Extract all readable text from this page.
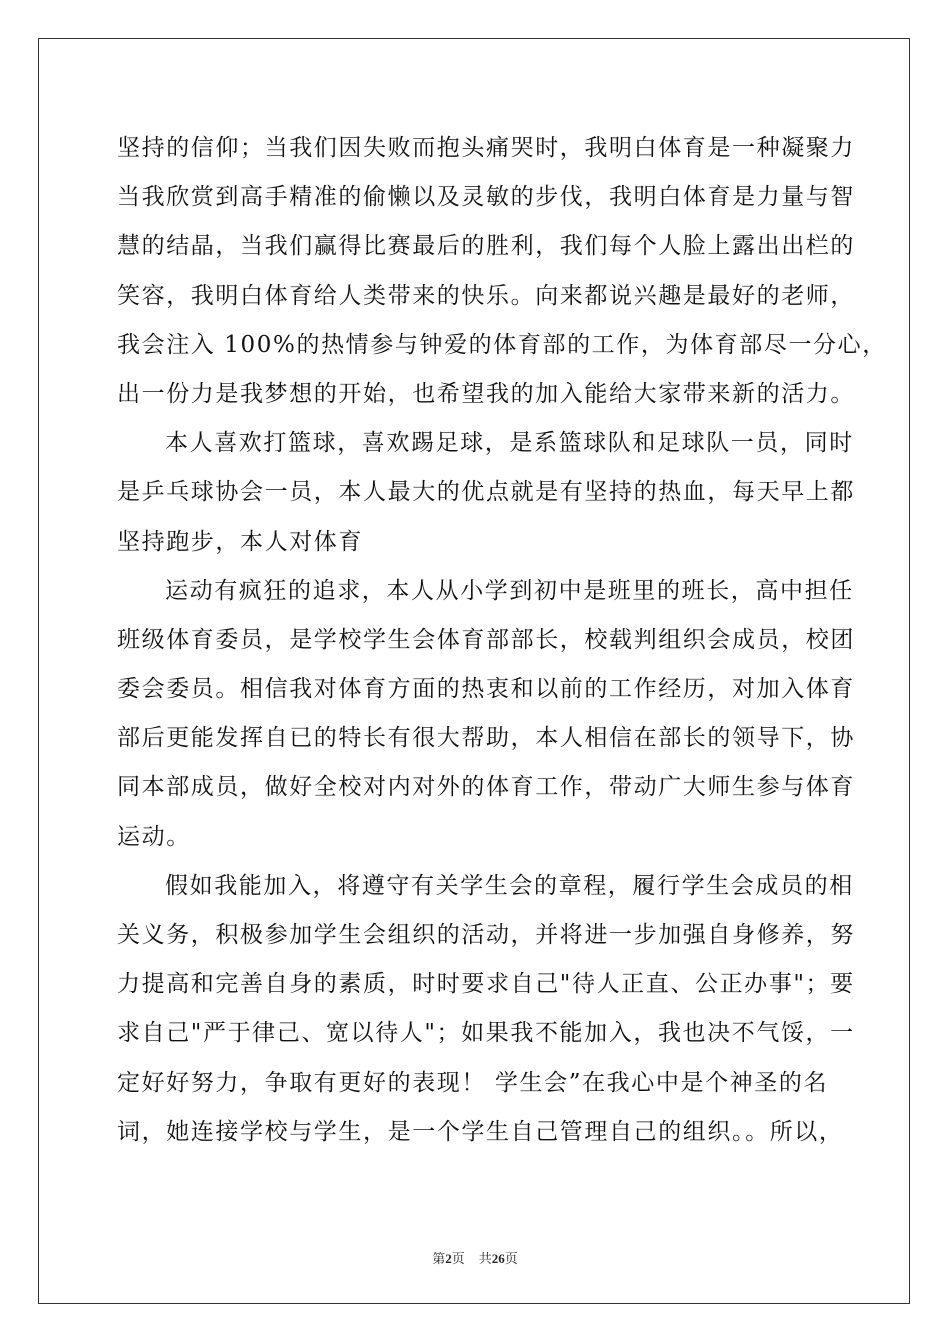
坚持的信仰；当我们因失败而抱头痛哭时，我明白体育是一种凝聚力
当我欣赏到高手精准的偷懒以及灵敏的步伐，我明白体育是力量与智
慧的结晶，当我们赢得比赛最后的胜利，我们每个人脸上露出出栏的
笑容，我明白体育给人类带来的快乐。向来都说兴趣是最好的老师，
我会注入 100%的热情参与钟爱的体育部的工作，为体育部尽一分心，
出一份力是我梦想的开始，也希望我的加入能给大家带来新的活力。
本人喜欢打篮球，喜欢踢足球，是系篮球队和足球队一员，同时
是乒乓球协会一员，本人最大的优点就是有坚持的热血，每天早上都
坚持跑步，本人对体育
运动有疯狂的追求，本人从小学到初中是班里的班长，高中担任
班级体育委员，是学校学生会体育部部长，校载判组织会成员，校团
委会委员。相信我对体育方面的热衷和以前的工作经历，对加入体育
部后更能发挥自已的特长有很大帮助，本人相信在部长的领导下，协
同本部成员，做好全校对内对外的体育工作，带动广大师生参与体育
运动。
假如我能加入，将遵守有关学生会的章程，履行学生会成员的相
关义务，积极参加学生会组织的活动，并将进一步加强自身修养，努
力提高和完善自身的素质，时时要求自己"待人正直、公正办事"；要
求自己"严于律己、宽以待人"；如果我不能加入，我也决不气馁，一
定好好努力，争取有更好的表现！ 学生会”在我心中是个神圣的名
词，她连接学校与学生，是一个学生自己管理自己的组织。。所以，
第2页 共26页
